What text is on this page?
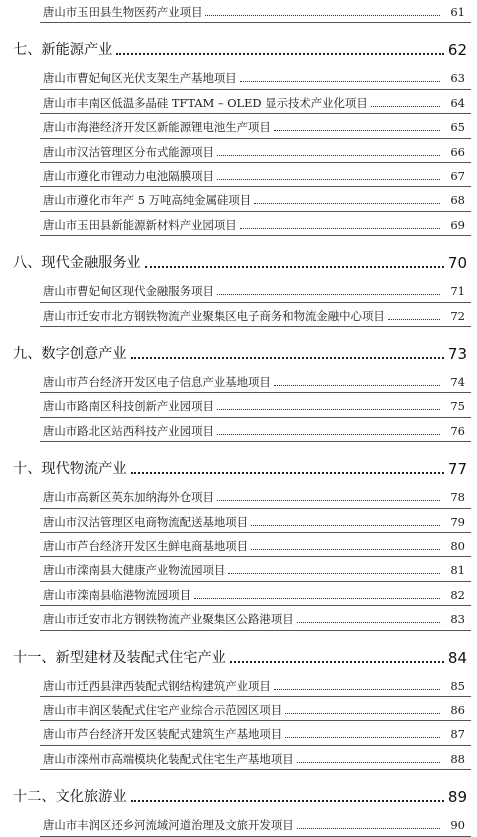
唐山市玉田县生物医药产业项目	61
七、新能源产业	62
唐山市曹妃甸区光伏支架生产基地项目	63
唐山市丰南区低温多晶硅 TFTAM – OLED 显示技术产业化项目	64
唐山市海港经济开发区新能源锂电池生产项目	65
唐山市汉沽管理区分布式能源项目	66
唐山市遵化市锂动力电池隔膜项目	67
唐山市遵化市年产 5 万吨高纯金属硅项目	68
唐山市玉田县新能源新材料产业园项目	69
八、现代金融服务业	70
唐山市曹妃甸区现代金融服务项目	71
唐山市迁安市北方钢铁物流产业聚集区电子商务和物流金融中心项目	72
九、数字创意产业	73
唐山市芦台经济开发区电子信息产业基地项目	74
唐山市路南区科技创新产业园项目	75
唐山市路北区站西科技产业园项目	76
十、现代物流产业	77
唐山市高新区英东加纳海外仓项目	78
唐山市汉沽管理区电商物流配送基地项目	79
唐山市芦台经济开发区生鲜电商基地项目	80
唐山市滦南县大健康产业物流园项目	81
唐山市滦南县临港物流园项目	82
唐山市迁安市北方钢铁物流产业聚集区公路港项目	83
十一、新型建材及装配式住宅产业	84
唐山市迁西县津西装配式钢结构建筑产业项目	85
唐山市丰润区装配式住宅产业综合示范园区项目	86
唐山市芦台经济开发区装配式建筑生产基地项目	87
唐山市滦州市高端模块化装配式住宅生产基地项目	88
十二、文化旅游业	89
唐山市丰润区还乡河流域河道治理及文旅开发项目	90
